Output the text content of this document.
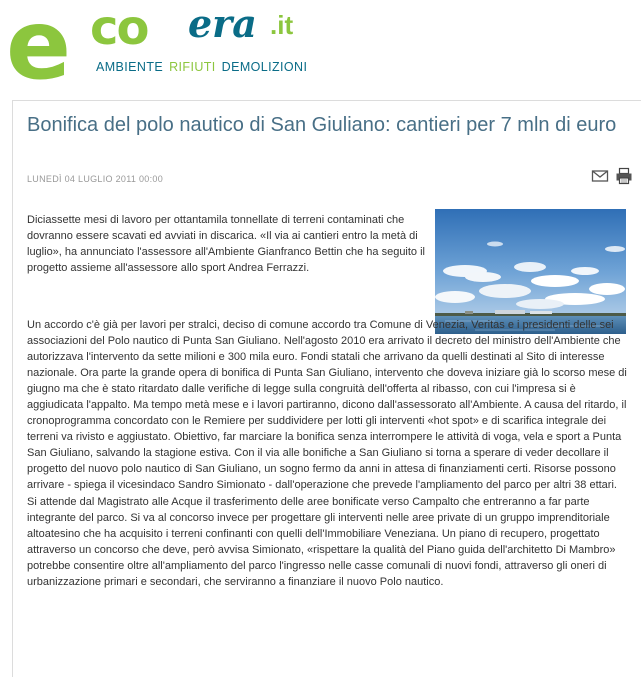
e co era .it
AMBIENTE RIFIUTI DEMOLIZIONI
Bonifica del polo nautico di San Giuliano: cantieri per 7 mln di euro
LUNEDÌ 04 LUGLIO 2011 00:00

Diciassette mesi di lavoro per ottantamila tonnellate di terreni contaminati che dovranno essere scavati ed avviati in discarica. «Il via ai cantieri entro la metà di luglio», ha annunciato l'assessore all'Ambiente Gianfranco Bettin che ha seguito il progetto assieme all'assessore allo sport Andrea Ferrazzi.

Un accordo c'è già per lavori per stralci, deciso di comune accordo tra Comune di Venezia, Veritas e i presidenti delle sei associazioni del Polo nautico di Punta San Giuliano. Nell'agosto 2010 era arrivato il decreto del ministro dell'Ambiente che autorizzava l'intervento da sette milioni e 300 mila euro. Fondi statali che arrivano da quelli destinati al Sito di interesse nazionale. Ora parte la grande opera di bonifica di Punta San Giuliano, intervento che doveva iniziare già lo scorso mese di giugno ma che è stato ritardato dalle verifiche di legge sulla congruità dell'offerta al ribasso, con cui l'impresa si è aggiudicata l'appalto. Ma tempo metà mese e i lavori partiranno, dicono dall'assessorato all'Ambiente. A causa del ritardo, il cronoprogramma concordato con le Remiere per suddividere per lotti gli interventi «hot spot» e di scarifica integrale dei terreni va rivisto e aggiustato. Obiettivo, far marciare la bonifica senza interrompere le attività di voga, vela e sport a Punta San Giuliano, salvando la stagione estiva. Con il via alle bonifiche a San Giuliano si torna a sperare di veder decollare il progetto del nuovo polo nautico di San Giuliano, un sogno fermo da anni in attesa di finanziamenti certi. Risorse possono arrivare - spiega il vicesindaco Sandro Simionato - dall'operazione che prevede l'ampliamento del parco per altri 38 ettari. Si attende dal Magistrato alle Acque il trasferimento delle aree bonificate verso Campalto che entreranno a far parte integrante del parco. Si va al concorso invece per progettare gli interventi nelle aree private di un gruppo imprenditoriale altoatesino che ha acquisito i terreni confinanti con quelli dell'Immobiliare Veneziana. Un piano di recupero, progettato attraverso un concorso che deve, però avvisa Simionato, «rispettare la qualità del Piano guida dell'architetto Di Mambro» potrebbe consentire oltre all'ampliamento del parco l'ingresso nelle casse comunali di nuovi fondi, attraverso gli oneri di urbanizzazione primari e secondari, che serviranno a finanziare il nuovo Polo nautico.
